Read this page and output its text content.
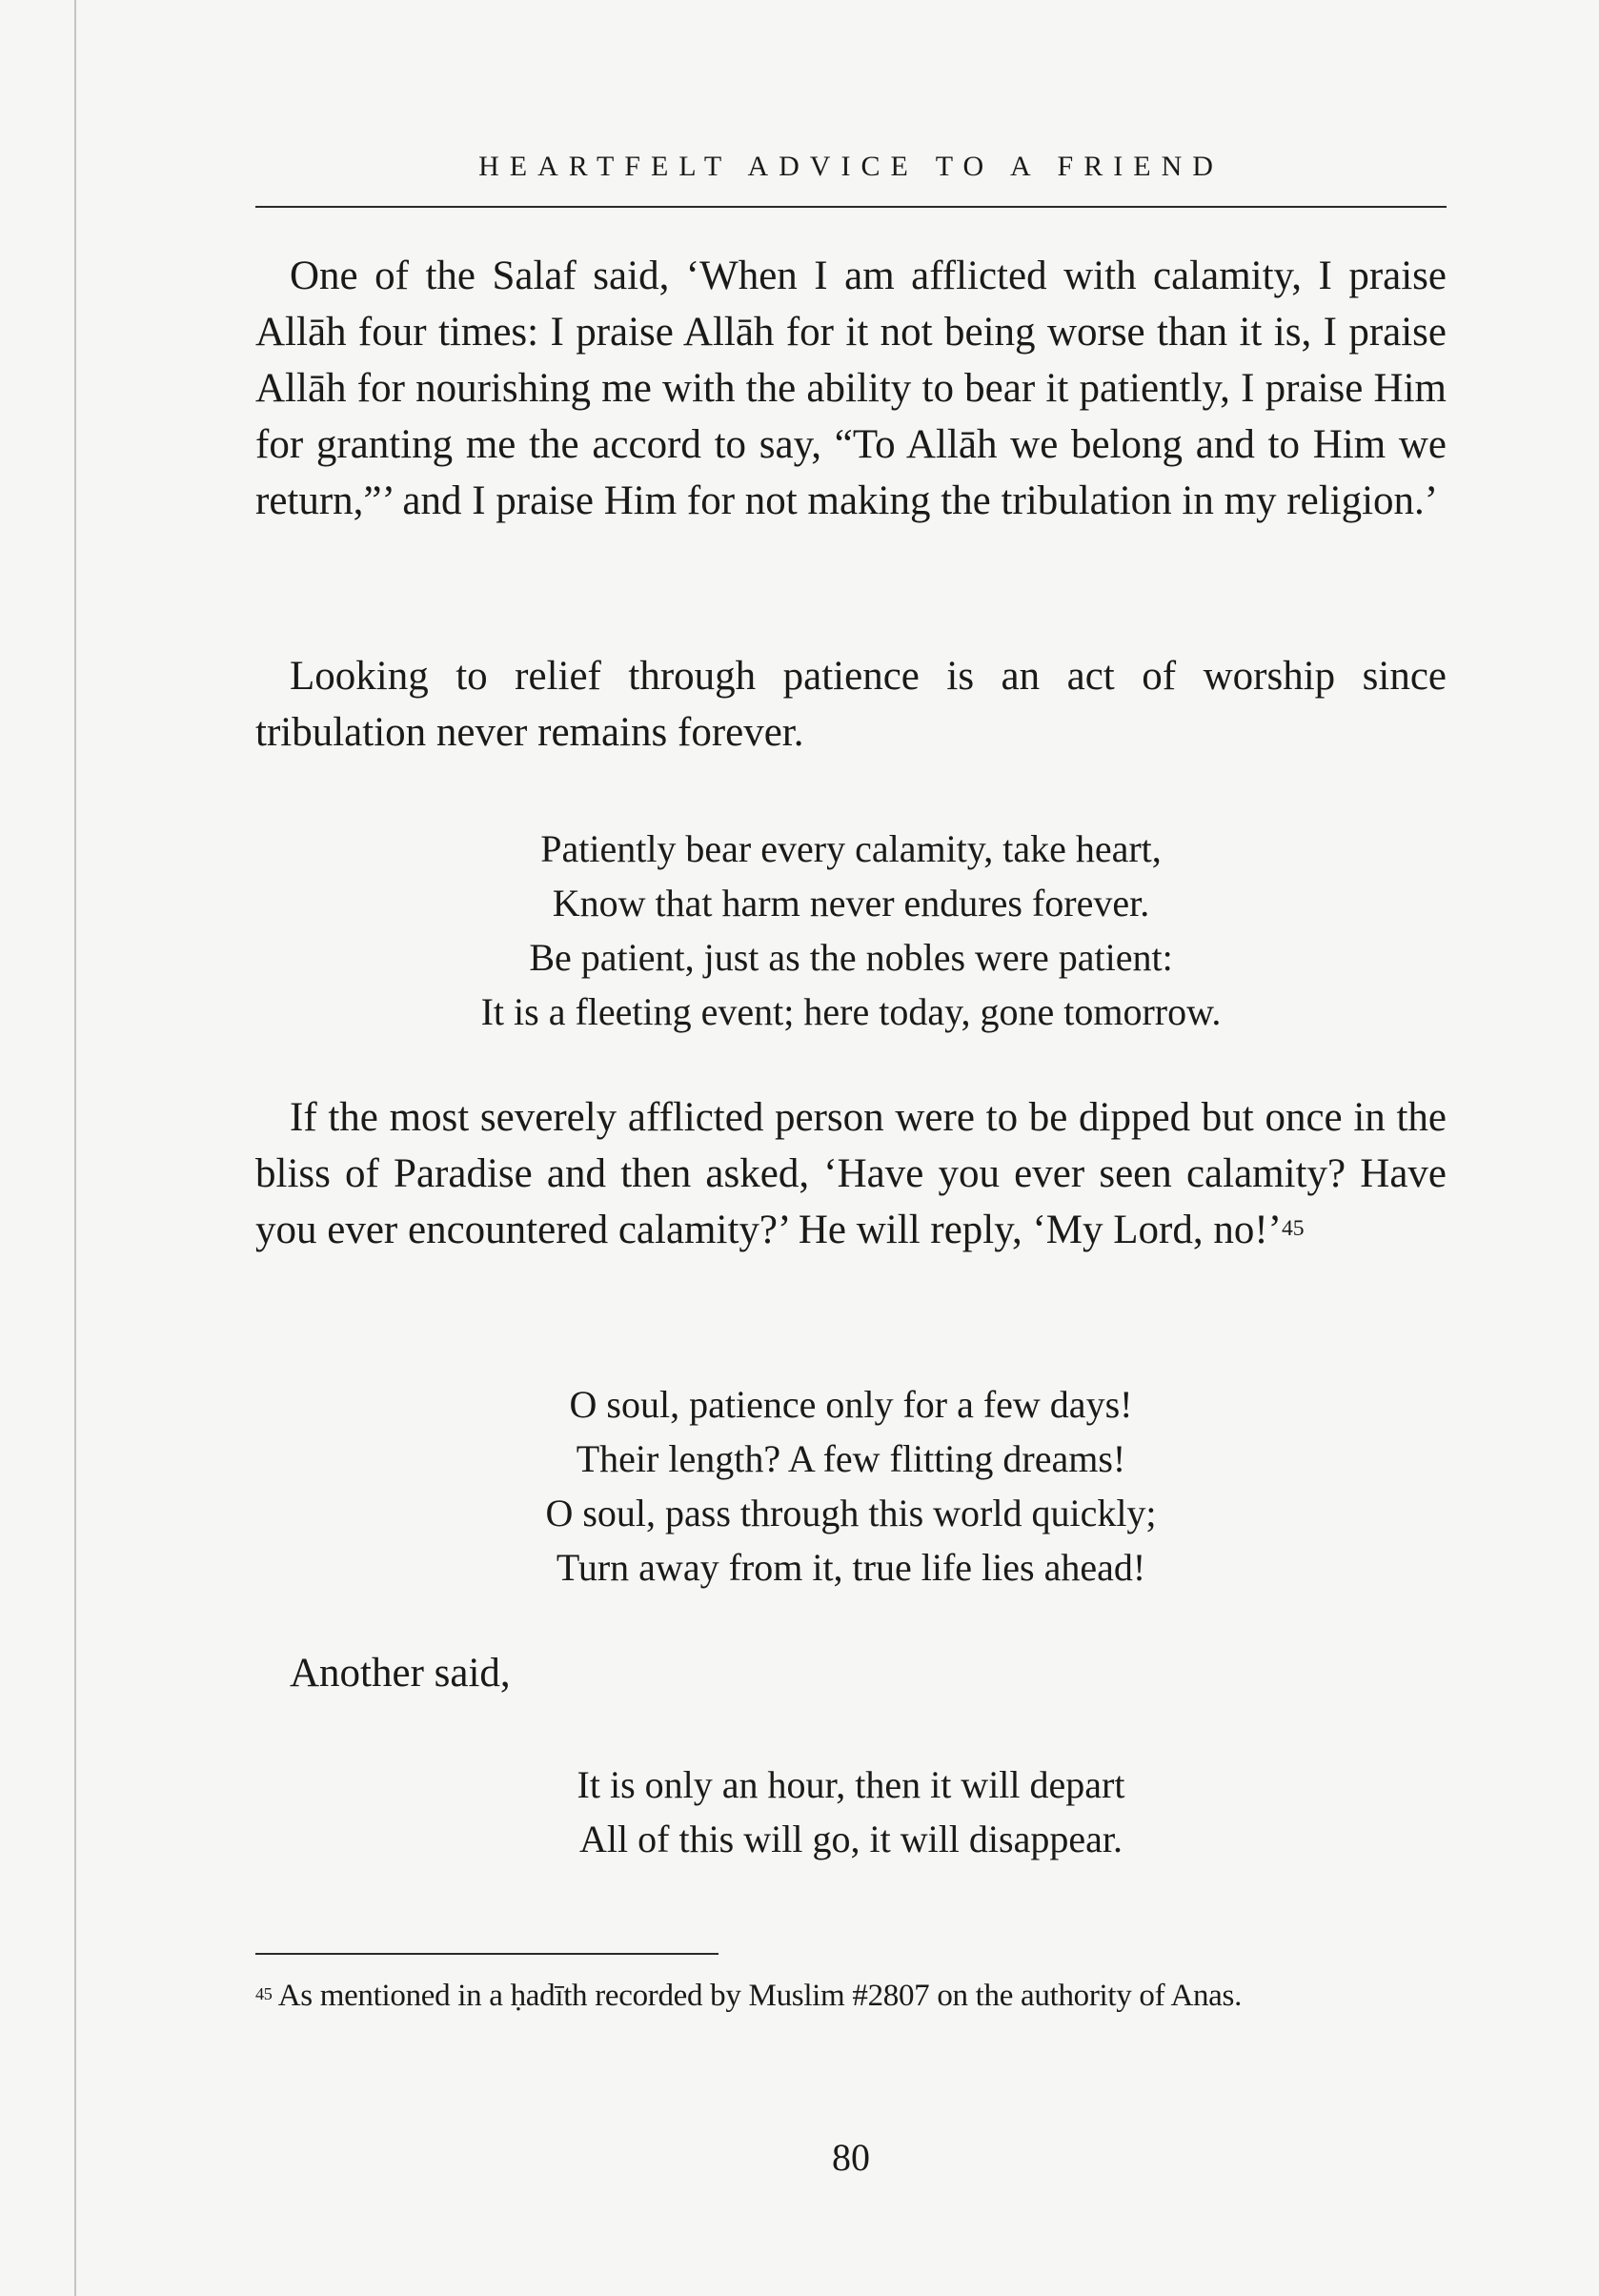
HEARTFELT ADVICE TO A FRIEND

One of the Salaf said, ‘When I am afflicted with calamity, I praise Allāh four times: I praise Allāh for it not being worse than it is, I praise Allāh for nourishing me with the ability to bear it patiently, I praise Him for granting me the accord to say, “To Allāh we belong and to Him we return,”’ and I praise Him for not making the tribulation in my religion.’

Looking to relief through patience is an act of worship since tribulation never remains forever.

Patiently bear every calamity, take heart,
Know that harm never endures forever.
Be patient, just as the nobles were patient:
It is a fleeting event; here today, gone tomorrow.

If the most severely afflicted person were to be dipped but once in the bliss of Paradise and then asked, ‘Have you ever seen calamity? Have you ever encountered calamity?’ He will reply, ‘My Lord, no!’$^{45}$

O soul, patience only for a few days!
Their length? A few flitting dreams!
O soul, pass through this world quickly;
Turn away from it, true life lies ahead!

Another said,

It is only an hour, then it will depart
All of this will go, it will disappear.
$^{45}$ As mentioned in a ḥadīth recorded by Muslim #2807 on the authority of Anas.
80
